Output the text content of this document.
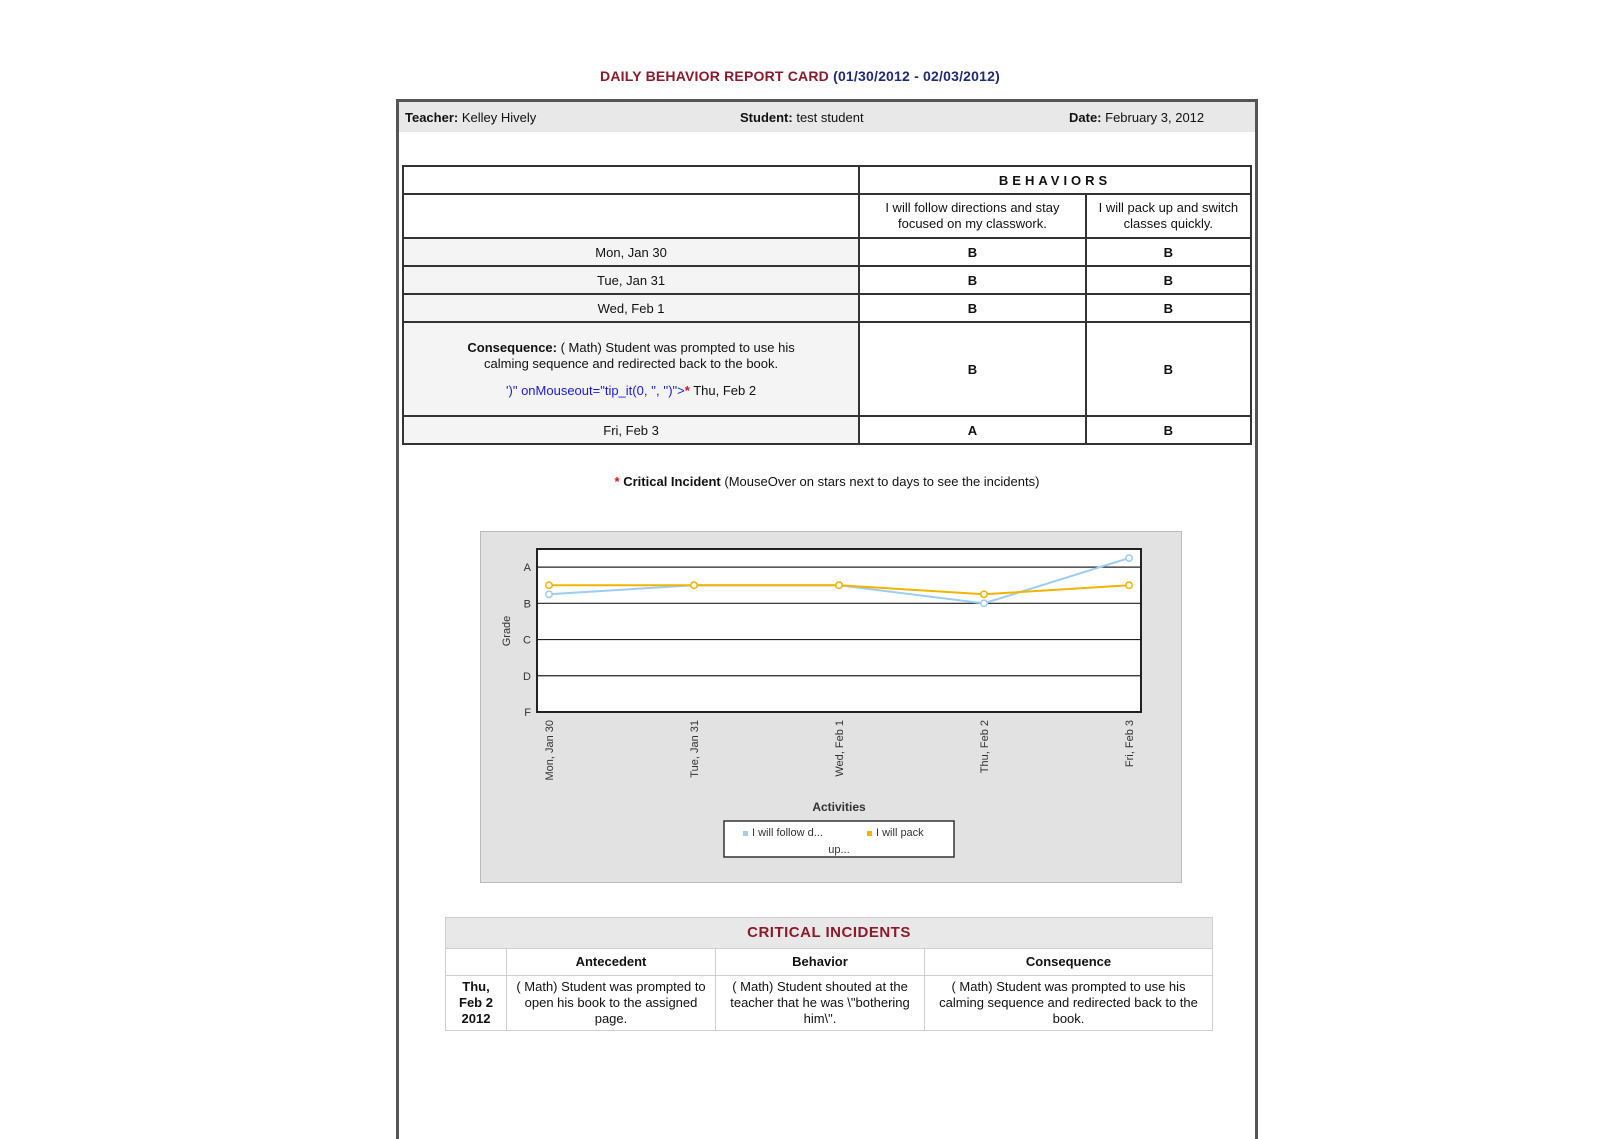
DAILY BEHAVIOR REPORT CARD (01/30/2012 - 02/03/2012)
Teacher: Kelley Hively	Student: test student	Date: February 3, 2012
	BEHAVIORS	
	I will follow directions and stay focused on my classwork.	I will pack up and switch classes quickly.
Mon, Jan 30	B	B
Tue, Jan 31	B	B
Wed, Feb 1	B	B

Consequence: ( Math) Student was prompted to use his calming sequence and redirected back to the book.
')" onMouseout="tip_it(0, '', '')">* Thu, Feb 2	B	B
Fri, Feb 3	A	B
* Critical Incident (MouseOver on stars next to days to see the incidents)
A
B
C
D
F
Grade
Mon, Jan 30	Tue, Jan 31	Wed, Feb 1	Thu, Feb 2	Fri, Feb 3
Activities
I will follow d...	I will pack
up...
CRITICAL INCIDENTS			
	Antecedent	Behavior	Consequence
Thu, Feb 2 2012	( Math) Student was prompted to open his book to the assigned page.	( Math) Student shouted at the teacher that he was \"bothering him\".	( Math) Student was prompted to use his calming sequence and redirected back to the book.
